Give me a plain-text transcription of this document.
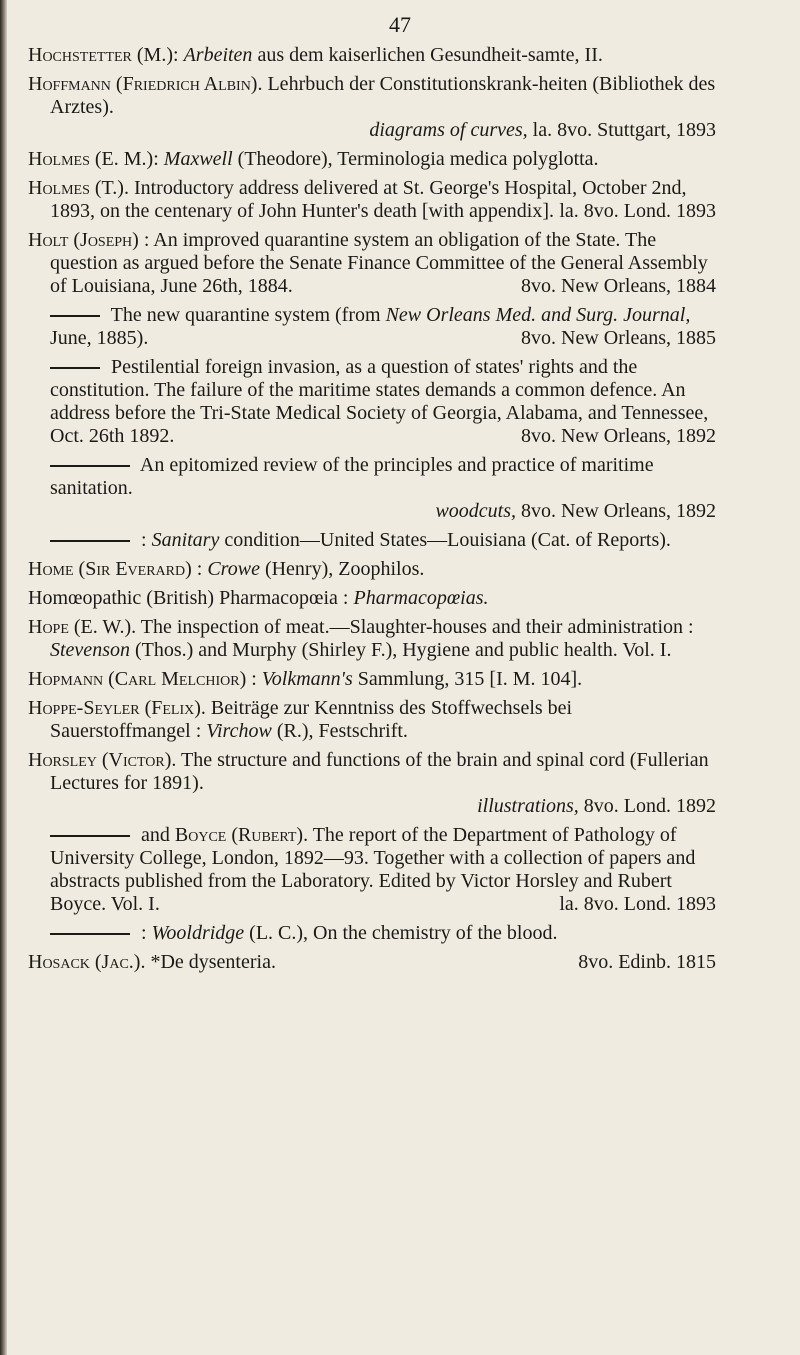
47
Hochstetter (M.): Arbeiten aus dem kaiserlichen Gesundheit-samte, II.
Hoffmann (Friedrich Albin). Lehrbuch der Constitutionskrank-heiten (Bibliothek des Arztes).
diagrams of curves, la. 8vo. Stuttgart, 1893
Holmes (E. M.): Maxwell (Theodore), Terminologia medica polyglotta.
Holmes (T.). Introductory address delivered at St. George's Hospital, October 2nd, 1893, on the centenary of John Hunter's death [with appendix]. la. 8vo. Lond. 1893
Holt (Joseph) : An improved quarantine system an obligation of the State. The question as argued before the Senate Finance Committee of the General Assembly of Louisiana, June 26th, 1884.	8vo. New Orleans, 1884
The new quarantine system (from New Orleans Med. and Surg. Journal, June, 1885).	8vo. New Orleans, 1885
Pestilential foreign invasion, as a question of states' rights and the constitution. The failure of the maritime states demands a common defence. An address before the Tri-State Medical Society of Georgia, Alabama, and Tennessee, Oct. 26th 1892.	8vo. New Orleans, 1892
An epitomized review of the principles and practice of maritime sanitation.
woodcuts, 8vo. New Orleans, 1892
: Sanitary condition—United States—Louisiana (Cat. of Reports).
Home (Sir Everard) : Crowe (Henry), Zoophilos.
Homœopathic (British) Pharmacopœia : Pharmacopœias.
Hope (E. W.). The inspection of meat.—Slaughter-houses and their administration : Stevenson (Thos.) and Murphy (Shirley F.), Hygiene and public health. Vol. I.
Hopmann (Carl Melchior) : Volkmann's Sammlung, 315 [I. M. 104].
Hoppe-Seyler (Felix). Beiträge zur Kenntniss des Stoffwechsels bei Sauerstoffmangel : Virchow (R.), Festschrift.
Horsley (Victor). The structure and functions of the brain and spinal cord (Fullerian Lectures for 1891).
illustrations, 8vo. Lond. 1892
and Boyce (Rubert). The report of the Department of Pathology of University College, London, 1892—93. Together with a collection of papers and abstracts published from the Laboratory. Edited by Victor Horsley and Rubert Boyce. Vol. I.	la. 8vo. Lond. 1893
: Wooldridge (L. C.), On the chemistry of the blood.
Hosack (Jac.). *De dysenteria.	8vo. Edinb. 1815
